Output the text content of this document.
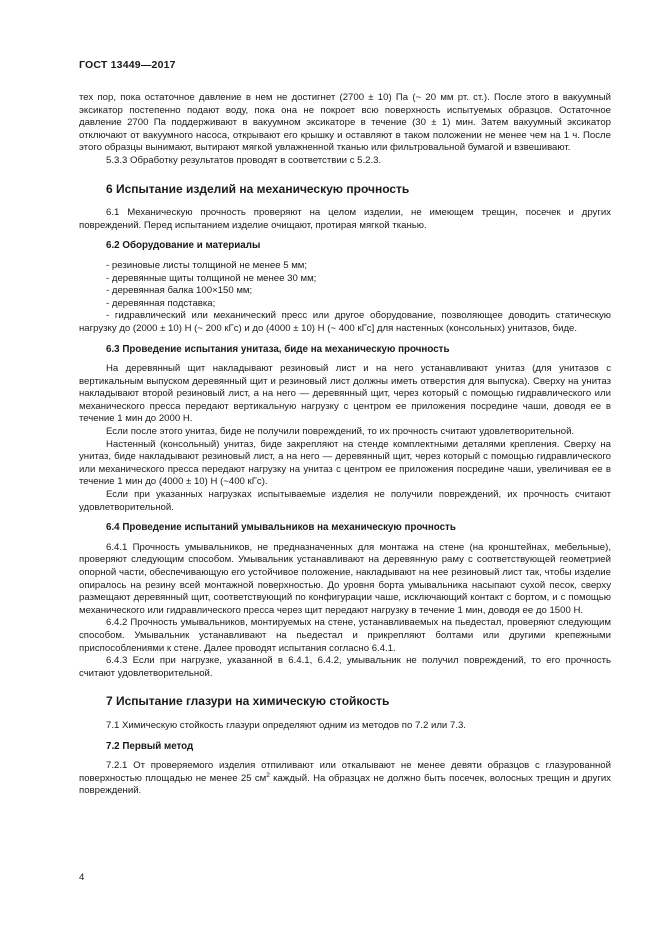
ГОСТ 13449—2017

тех пор, пока остаточное давление в нем не достигнет (2700 ± 10) Па (~ 20 мм рт. ст.). После этого в вакуумный эксикатор постепенно подают воду, пока она не покроет всю поверхность испытуемых образцов. Остаточное давление 2700 Па поддерживают в вакуумном эксикаторе в течение (30 ± 1) мин. Затем вакуумный эксикатор отключают от вакуумного насоса, открывают его крышку и оставляют в таком положении не менее чем на 1 ч. После этого образцы вынимают, вытирают мягкой увлажненной тканью или фильтровальной бумагой и взвешивают.

5.3.3 Обработку результатов проводят в соответствии с 5.2.3.

6 Испытание изделий на механическую прочность

6.1 Механическую прочность проверяют на целом изделии, не имеющем трещин, посечек и других повреждений. Перед испытанием изделие очищают, протирая мягкой тканью.

6.2 Оборудование и материалы

- резиновые листы толщиной не менее 5 мм;

- деревянные щиты толщиной не менее 30 мм;

- деревянная балка 100×150 мм;

- деревянная подставка;

- гидравлический или механический пресс или другое оборудование, позволяющее доводить статическую нагрузку до (2000 ± 10) Н (~ 200 кГс) и до (4000 ± 10) Н (~ 400 кГс] для настенных (консольных) унитазов, биде.

6.3 Проведение испытания унитаза, биде на механическую прочность

На деревянный щит накладывают резиновый лист и на него устанавливают унитаз (для унитазов с вертикальным выпуском деревянный щит и резиновый лист должны иметь отверстия для выпуска). Сверху на унитаз накладывают второй резиновый лист, а на него — деревянный щит, через который с помощью гидравлического или механического пресса передают вертикальную нагрузку с центром ее приложения посредине чаши, доводя ее в течение 1 мин до 2000 Н.

Если после этого унитаз, биде не получили повреждений, то их прочность считают удовлетворительной.

Настенный (консольный) унитаз, биде закрепляют на стенде комплектными деталями крепления. Сверху на унитаз, биде накладывают резиновый лист, а на него — деревянный щит, через который с помощью гидравлического или механического пресса передают нагрузку на унитаз с центром ее приложения посредине чаши, увеличивая ее в течение 1 мин до (4000 ± 10) Н (~400 кГс).

Если при указанных нагрузках испытываемые изделия не получили повреждений, их прочность считают удовлетворительной.

6.4 Проведение испытаний умывальников на механическую прочность

6.4.1 Прочность умывальников, не предназначенных для монтажа на стене (на кронштейнах, мебельные), проверяют следующим способом. Умывальник устанавливают на деревянную раму с соответствующей геометрией опорной части, обеспечивающую его устойчивое положение, накладывают на нее резиновый лист так, чтобы изделие опиралось на резину всей монтажной поверхностью. До уровня борта умывальника насыпают сухой песок, сверху размещают деревянный щит, соответствующий по конфигурации чаше, исключающий контакт с бортом, и с помощью механического или гидравлического пресса через щит передают нагрузку в течение 1 мин, доводя ее до 1500 Н.

6.4.2 Прочность умывальников, монтируемых на стене, устанавливаемых на пьедестал, проверяют следующим способом. Умывальник устанавливают на пьедестал и прикрепляют болтами или другими крепежными приспособлениями к стене. Далее проводят испытания согласно 6.4.1.

6.4.3 Если при нагрузке, указанной в 6.4.1, 6.4.2, умывальник не получил повреждений, то его прочность считают удовлетворительной.

7 Испытание глазури на химическую стойкость

7.1 Химическую стойкость глазури определяют одним из методов по 7.2 или 7.3.

7.2 Первый метод

7.2.1 От проверяемого изделия отпиливают или откалывают не менее девяти образцов с глазурованной поверхностью площадью не менее 25 $см^2$ каждый. На образцах не должно быть посечек, волосных трещин и других повреждений.

4
